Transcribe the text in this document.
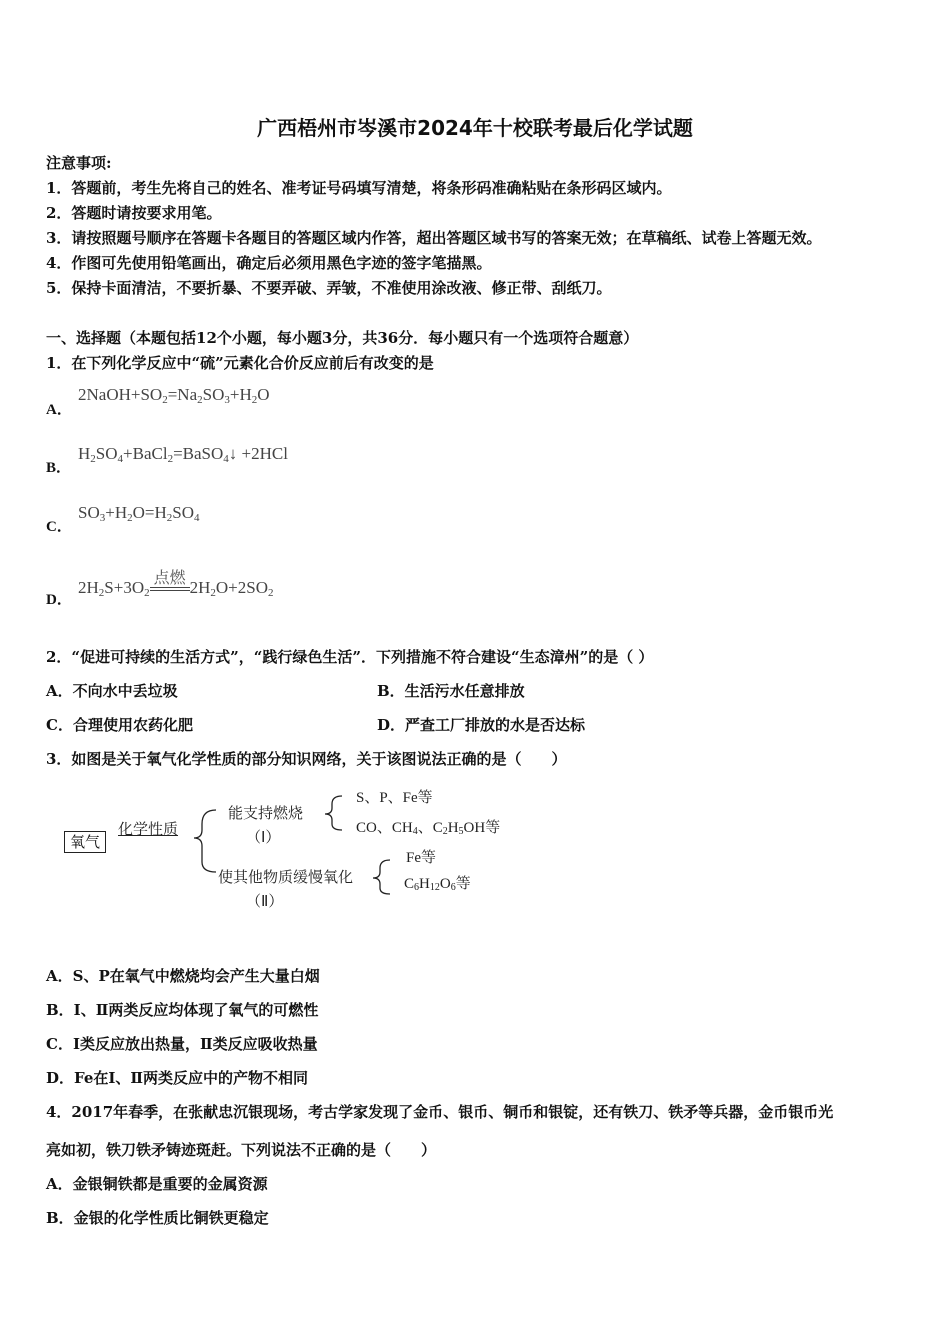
广西梧州市岑溪市2024年十校联考最后化学试题
注意事项:
1．答题前，考生先将自己的姓名、准考证号码填写清楚，将条形码准确粘贴在条形码区域内。
2．答题时请按要求用笔。
3．请按照题号顺序在答题卡各题目的答题区域内作答，超出答题区域书写的答案无效；在草稿纸、试卷上答题无效。
4．作图可先使用铅笔画出，确定后必须用黑色字迹的签字笔描黑。
5．保持卡面清洁，不要折暴、不要弄破、弄皱，不准使用涂改液、修正带、刮纸刀。
一、选择题（本题包括12个小题，每小题3分，共36分．每小题只有一个选项符合题意）
1．在下列化学反应中“硫”元素化合价反应前后有改变的是
A．
$2NaOH+SO_2=Na_2SO_3+H_2O$
B．
$H_2SO_4+BaCl_2=BaSO_4↓ +2HCl$
C．
$SO_3+H_2O=H_2SO_4$
D．
$2H_2S+3O_2$
点燃
$2H_2O+2SO_2$
2．“促进可持续的生活方式”，“践行绿色生活”．下列措施不符合建设“生态漳州”的是（ ）
A．不向水中丢垃圾	B．生活污水任意排放
C．合理使用农药化肥	D．严查工厂排放的水是否达标
3．如图是关于氧气化学性质的部分知识网络，关于该图说法正确的是（　　）
氧气
化学性质
能支持燃烧
（Ⅰ）
使其他物质缓慢氧化
（Ⅱ）
S、P、Fe等
CO、$CH_4$、$C_2H_5OH$等
Fe等
$C_6H_{12}O_6$等
A．S、P在氧气中燃烧均会产生大量白烟
B．Ⅰ、Ⅱ两类反应均体现了氧气的可燃性
C．Ⅰ类反应放出热量，Ⅱ类反应吸收热量
D．Fe在Ⅰ、Ⅱ两类反应中的产物不相同
4．2017年春季，在张献忠沉银现场，考古学家发现了金币、银币、铜币和银锭，还有铁刀、铁矛等兵器，金币银币光
亮如初，铁刀铁矛铸迹斑赶。下列说法不正确的是（　　）
A．金银铜铁都是重要的金属资源
B．金银的化学性质比铜铁更稳定
